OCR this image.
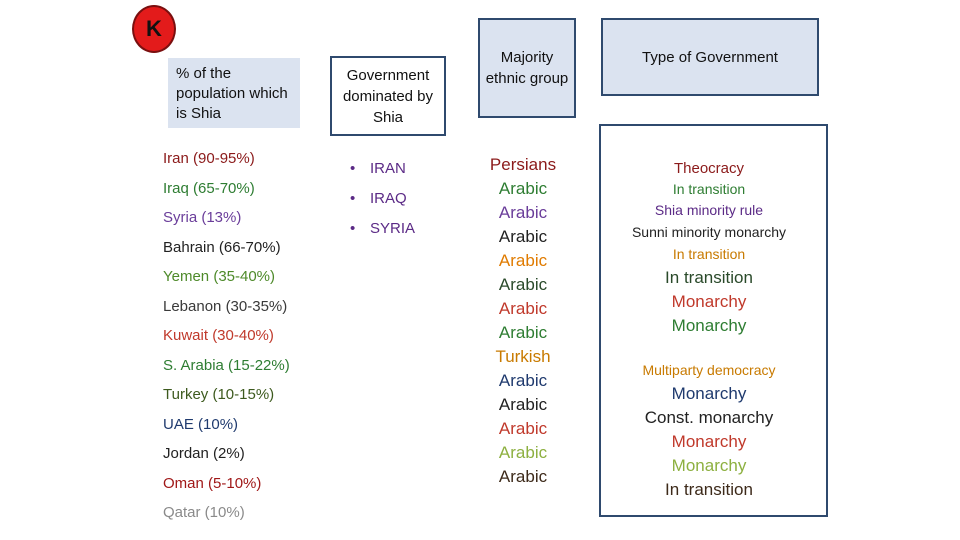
K
% of the population which is Shia
Government dominated by Shia
Majority ethnic group
Type of Government
Iran (90-95%)
Iraq (65-70%)
Syria (13%)
Bahrain (66-70%)
Yemen (35-40%)
Lebanon (30-35%)
Kuwait (30-40%)
S. Arabia (15-22%)
Turkey (10-15%)
UAE (10%)
Jordan (2%)
Oman (5-10%)
Qatar (10%)
• IRAN
• IRAQ
• SYRIA
Persians
Arabic
Arabic
Arabic
Arabic
Arabic
Arabic
Arabic
Turkish
Arabic
Arabic
Arabic
Arabic
Arabic
Theocracy
In transition
Shia minority rule
Sunni minority monarchy
In transition
In transition
Monarchy
Monarchy
Multiparty democracy
Monarchy
Const. monarchy
Monarchy
Monarchy
In transition
